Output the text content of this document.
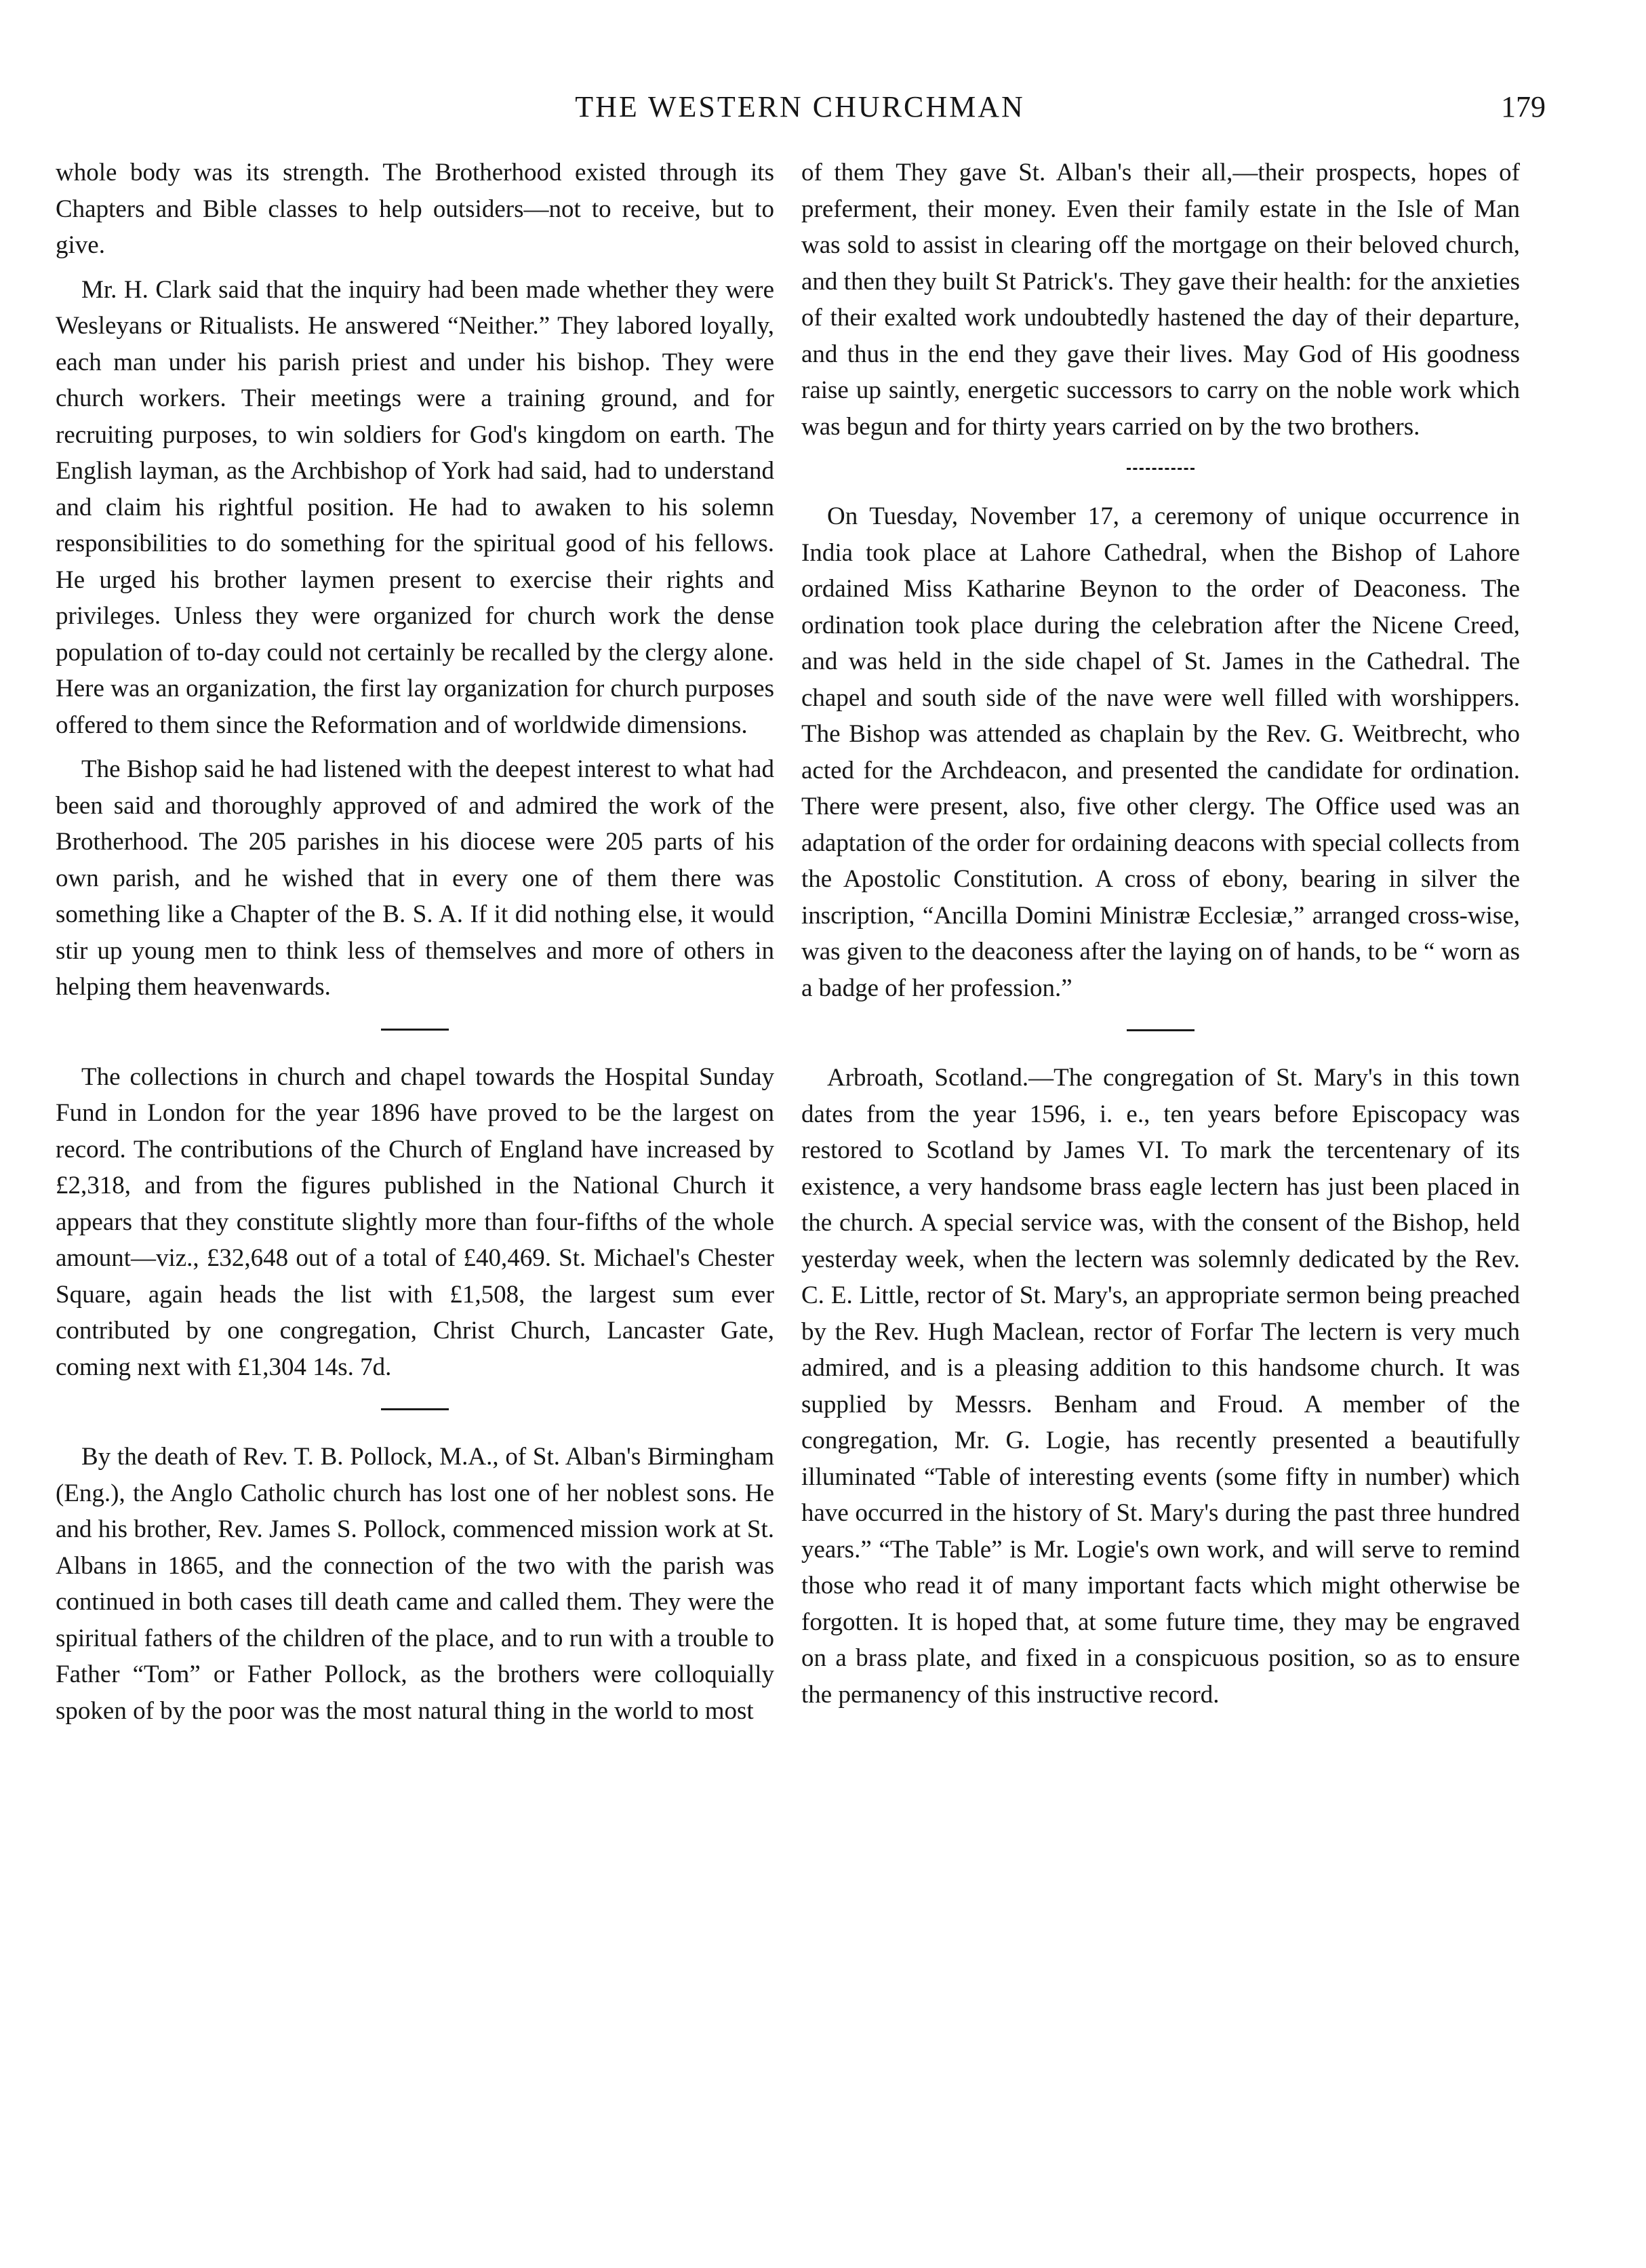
THE WESTERN CHURCHMAN	179

whole body was its strength. The Brotherhood existed through its Chapters and Bible classes to help outsiders—not to receive, but to give.

Mr. H. Clark said that the inquiry had been made whether they were Wesleyans or Ritualists. He answered “Neither.” They labored loyally, each man under his parish priest and under his bishop. They were church workers. Their meetings were a training ground, and for recruiting purposes, to win soldiers for God's kingdom on earth. The English layman, as the Archbishop of York had said, had to understand and claim his rightful position. He had to awaken to his solemn responsibilities to do something for the spiritual good of his fellows. He urged his brother laymen present to exercise their rights and privileges. Unless they were organized for church work the dense population of to-day could not certainly be recalled by the clergy alone. Here was an organization, the first lay organization for church purposes offered to them since the Reformation and of worldwide dimensions.

The Bishop said he had listened with the deepest interest to what had been said and thoroughly approved of and admired the work of the Brotherhood. The 205 parishes in his diocese were 205 parts of his own parish, and he wished that in every one of them there was something like a Chapter of the B. S. A. If it did nothing else, it would stir up young men to think less of themselves and more of others in helping them heavenwards.

The collections in church and chapel towards the Hospital Sunday Fund in London for the year 1896 have proved to be the largest on record. The contributions of the Church of England have increased by £2,318, and from the figures published in the National Church it appears that they constitute slightly more than four-fifths of the whole amount—viz., £32,648 out of a total of £40,469. St. Michael's Chester Square, again heads the list with £1,508, the largest sum ever contributed by one congregation, Christ Church, Lancaster Gate, coming next with £1,304 14s. 7d.

By the death of Rev. T. B. Pollock, M.A., of St. Alban's Birmingham (Eng.), the Anglo Catholic church has lost one of her noblest sons. He and his brother, Rev. James S. Pollock, commenced mission work at St. Albans in 1865, and the connection of the two with the parish was continued in both cases till death came and called them. They were the spiritual fathers of the children of the place, and to run with a trouble to Father “Tom” or Father Pollock, as the brothers were colloquially spoken of by the poor was the most natural thing in the world to most

of them They gave St. Alban's their all,—their prospects, hopes of preferment, their money. Even their family estate in the Isle of Man was sold to assist in clearing off the mortgage on their beloved church, and then they built St Patrick's. They gave their health: for the anxieties of their exalted work undoubtedly hastened the day of their departure, and thus in the end they gave their lives. May God of His goodness raise up saintly, energetic successors to carry on the noble work which was begun and for thirty years carried on by the two brothers.

On Tuesday, November 17, a ceremony of unique occurrence in India took place at Lahore Cathedral, when the Bishop of Lahore ordained Miss Katharine Beynon to the order of Deaconess. The ordination took place during the celebration after the Nicene Creed, and was held in the side chapel of St. James in the Cathedral. The chapel and south side of the nave were well filled with worshippers. The Bishop was attended as chaplain by the Rev. G. Weitbrecht, who acted for the Archdeacon, and presented the candidate for ordination. There were present, also, five other clergy. The Office used was an adaptation of the order for ordaining deacons with special collects from the Apostolic Constitution. A cross of ebony, bearing in silver the inscription, “Ancilla Domini Ministræ Ecclesiæ,” arranged cross-wise, was given to the deaconess after the laying on of hands, to be “ worn as a badge of her profession.”

Arbroath, Scotland.—The congregation of St. Mary's in this town dates from the year 1596, i. e., ten years before Episcopacy was restored to Scotland by James VI. To mark the tercentenary of its existence, a very handsome brass eagle lectern has just been placed in the church. A special service was, with the consent of the Bishop, held yesterday week, when the lectern was solemnly dedicated by the Rev. C. E. Little, rector of St. Mary's, an appropriate sermon being preached by the Rev. Hugh Maclean, rector of Forfar The lectern is very much admired, and is a pleasing addition to this handsome church. It was supplied by Messrs. Benham and Froud. A member of the congregation, Mr. G. Logie, has recently presented a beautifully illuminated “Table of interesting events (some fifty in number) which have occurred in the history of St. Mary's during the past three hundred years.” “The Table” is Mr. Logie's own work, and will serve to remind those who read it of many important facts which might otherwise be forgotten. It is hoped that, at some future time, they may be engraved on a brass plate, and fixed in a conspicuous position, so as to ensure the permanency of this instructive record.
